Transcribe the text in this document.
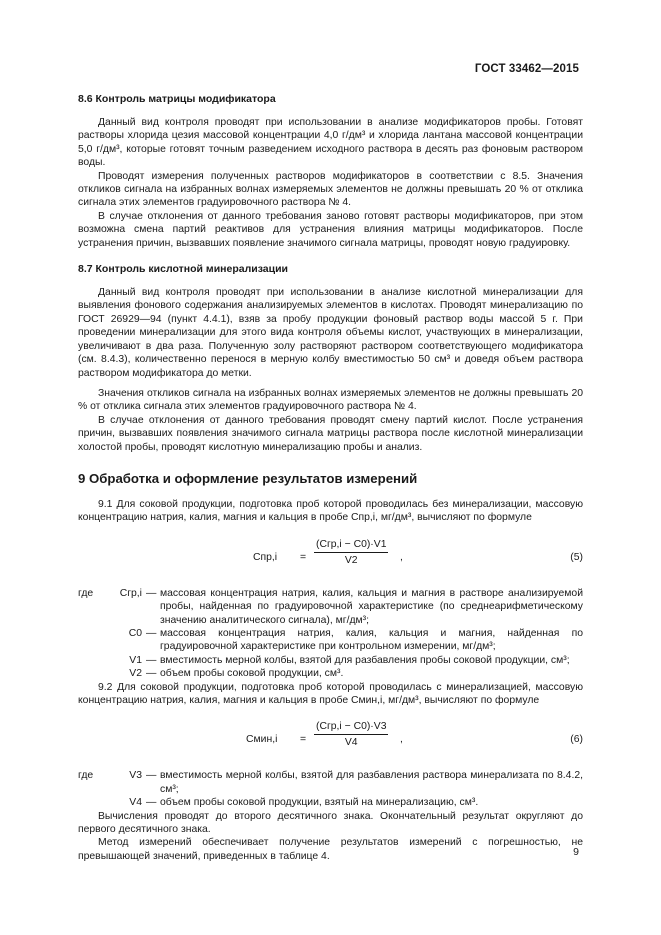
ГОСТ 33462—2015
8.6 Контроль матрицы модификатора

Данный вид контроля проводят при использовании в анализе модификаторов пробы. Готовят растворы хлорида цезия массовой концентрации 4,0 г/дм³ и хлорида лантана массовой концентрации 5,0 г/дм³, которые готовят точным разведением исходного раствора в десять раз фоновым раствором воды.

Проводят измерения полученных растворов модификаторов в соответствии с 8.5. Значения откликов сигнала на избранных волнах измеряемых элементов не должны превышать 20 % от отклика сигнала этих элементов градуировочного раствора № 4.

В случае отклонения от данного требования заново готовят растворы модификаторов, при этом возможна смена партий реактивов для устранения влияния матрицы модификаторов. После устранения причин, вызвавших появление значимого сигнала матрицы, проводят новую градуировку.

8.7 Контроль кислотной минерализации

Данный вид контроля проводят при использовании в анализе кислотной минерализации для выявления фонового содержания анализируемых элементов в кислотах. Проводят минерализацию по ГОСТ 26929—94 (пункт 4.4.1), взяв за пробу продукции фоновый раствор воды массой 5 г. При проведении минерализации для этого вида контроля объемы кислот, участвующих в минерализации, увеличивают в два раза. Полученную золу растворяют раствором соответствующего модификатора (см. 8.4.3), количественно перенося в мерную колбу вместимостью 50 см³ и доведя объем раствора раствором модификатора до метки.

Значения откликов сигнала на избранных волнах измеряемых элементов не должны превышать 20 % от отклика сигнала этих элементов градуировочного раствора № 4.

В случае отклонения от данного требования проводят смену партий кислот. После устранения причин, вызвавших появления значимого сигнала матрицы раствора после кислотной минерализации холостой пробы, проводят кислотную минерализацию пробы и анализ.

9 Обработка и оформление результатов измерений

9.1 Для соковой продукции, подготовка проб которой проводилась без минерализации, массовую концентрацию натрия, калия, магния и кальция в пробе Cпр,i, мг/дм³, вычисляют по формуле

Cпр,i =
(Cгр,i − C0)·V1
V2	,	(5)
где	Cгр,i — массовая концентрация натрия, калия, кальция и магния в растворе анализируемой пробы, найденная по градуировочной характеристике (по среднеарифметическому значению аналитического сигнала), мг/дм³;
C0 — массовая концентрация натрия, калия, кальция и магния, найденная по градуировочной характеристике при контрольном измерении, мг/дм³;
V1 — вместимость мерной колбы, взятой для разбавления пробы соковой продукции, см³;
V2 — объем пробы соковой продукции, см³.

9.2 Для соковой продукции, подготовка проб которой проводилась с минерализацией, массовую концентрацию натрия, калия, магния и кальция в пробе Cмин,i, мг/дм³, вычисляют по формуле

Cмин,i =
(Cгр,i − C0)·V3
V4	,	(6)
где	V3 — вместимость мерной колбы, взятой для разбавления раствора минерализата по 8.4.2, см³;
V4 — объем пробы соковой продукции, взятый на минерализацию, см³.

Вычисления проводят до второго десятичного знака. Окончательный результат округляют до первого десятичного знака.

Метод измерений обеспечивает получение результатов измерений с погрешностью, не превышающей значений, приведенных в таблице 4.	9
